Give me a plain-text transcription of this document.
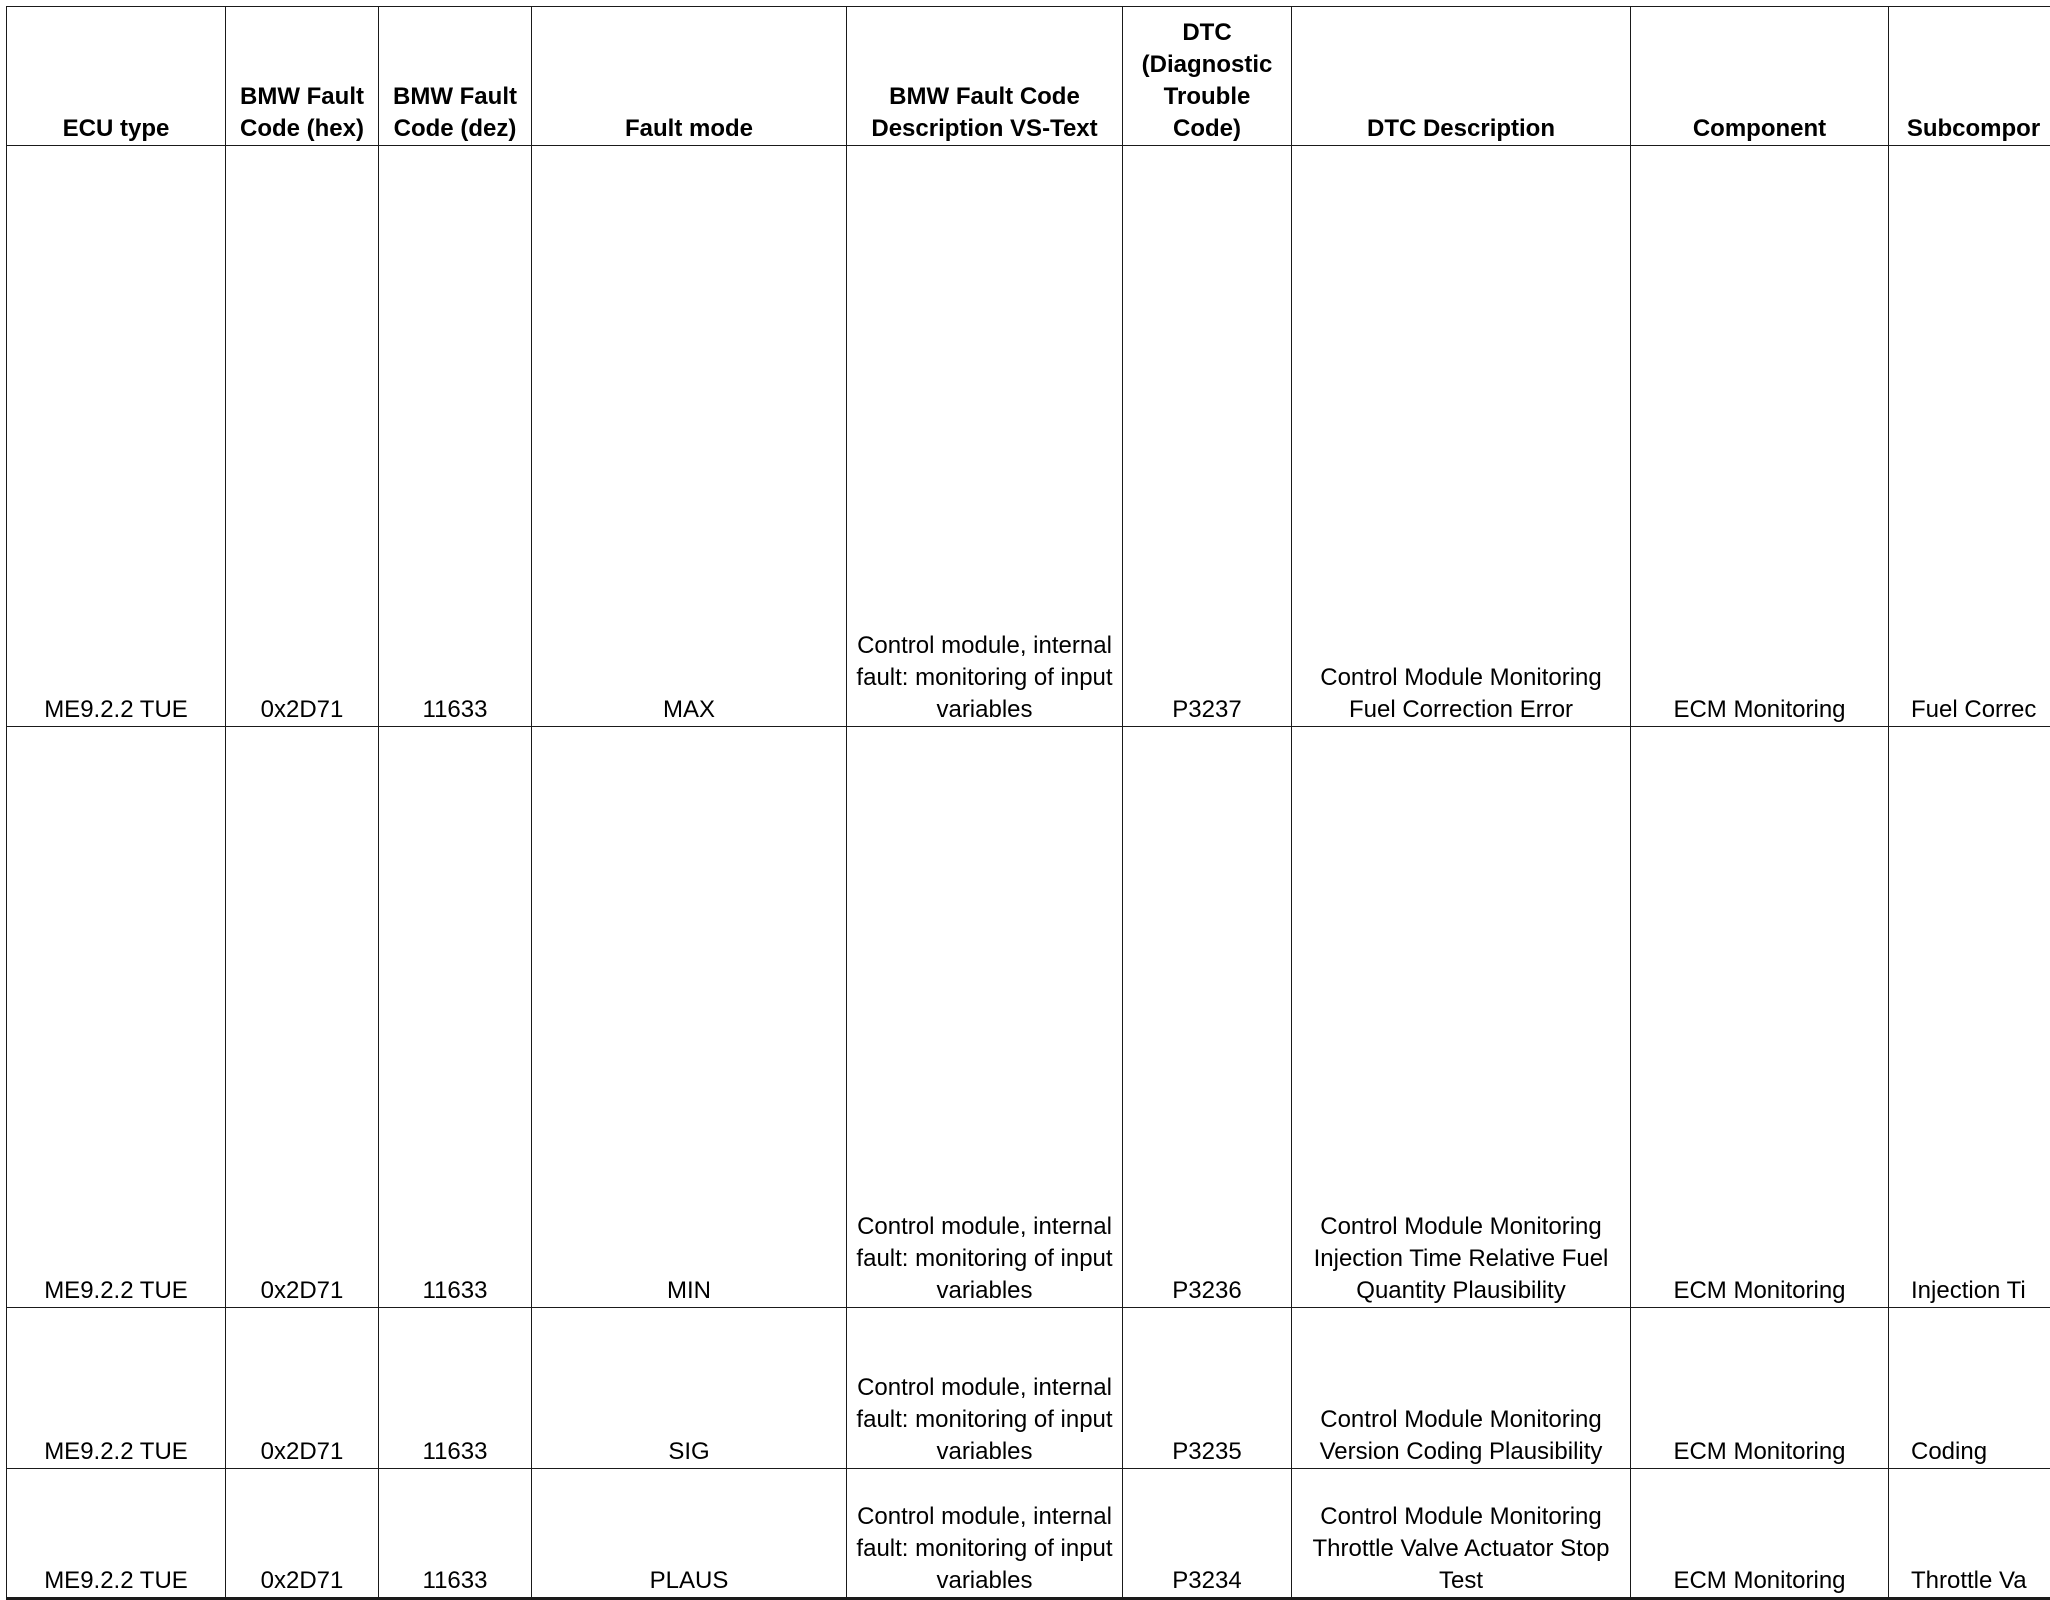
ECU type	BMW Fault Code (hex)	BMW Fault Code (dez)	Fault mode	BMW Fault Code Description VS-Text	DTC (Diagnostic Trouble Code)	DTC Description	Component	Subcompor
ME9.2.2 TUE	0x2D71	11633	MAX	Control module, internal fault: monitoring of input variables	P3237	Control Module Monitoring Fuel Correction Error	ECM Monitoring	Fuel Correc
ME9.2.2 TUE	0x2D71	11633	MIN	Control module, internal fault: monitoring of input variables	P3236	Control Module Monitoring Injection Time Relative Fuel Quantity Plausibility	ECM Monitoring	Injection Ti
ME9.2.2 TUE	0x2D71	11633	SIG	Control module, internal fault: monitoring of input variables	P3235	Control Module Monitoring Version Coding Plausibility	ECM Monitoring	Coding
ME9.2.2 TUE	0x2D71	11633	PLAUS	Control module, internal fault: monitoring of input variables	P3234	Control Module Monitoring Throttle Valve Actuator Stop Test	ECM Monitoring	Throttle Va
